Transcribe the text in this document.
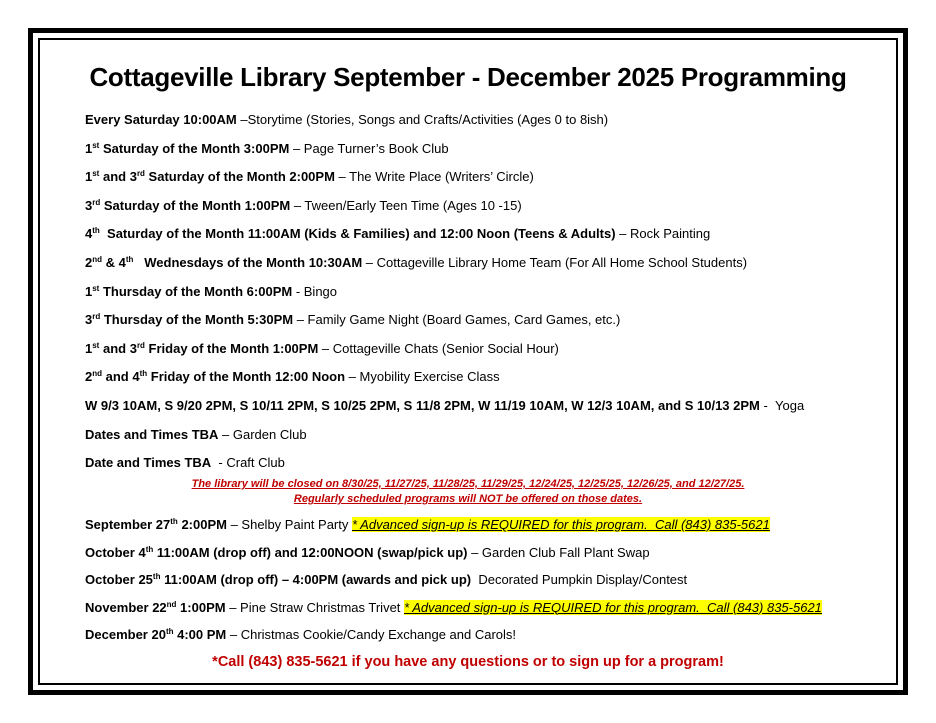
Cottageville Library September - December 2025 Programming
Every Saturday 10:00AM –Storytime (Stories, Songs and Crafts/Activities (Ages 0 to 8ish)
1st Saturday of the Month 3:00PM – Page Turner’s Book Club
1st and 3rd Saturday of the Month 2:00PM – The Write Place (Writers’ Circle)
3rd Saturday of the Month 1:00PM – Tween/Early Teen Time (Ages 10 -15)
4th  Saturday of the Month 11:00AM (Kids & Families) and 12:00 Noon (Teens & Adults) – Rock Painting
2nd & 4th   Wednesdays of the Month 10:30AM – Cottageville Library Home Team (For All Home School Students)
1st Thursday of the Month 6:00PM - Bingo
3rd Thursday of the Month 5:30PM – Family Game Night (Board Games, Card Games, etc.)
1st and 3rd Friday of the Month 1:00PM – Cottageville Chats (Senior Social Hour)
2nd and 4th Friday of the Month 12:00 Noon – Myobility Exercise Class
W 9/3 10AM, S 9/20 2PM, S 10/11 2PM, S 10/25 2PM, S 11/8 2PM, W 11/19 10AM, W 12/3 10AM, and S 10/13 2PM -  Yoga
Dates and Times TBA – Garden Club
Date and Times TBA  - Craft Club
The library will be closed on 8/30/25, 11/27/25, 11/28/25, 11/29/25, 12/24/25, 12/25/25, 12/26/25, and 12/27/25.
Regularly scheduled programs will NOT be offered on those dates.
September 27th 2:00PM – Shelby Paint Party * Advanced sign-up is REQUIRED for this program.  Call (843) 835-5621
October 4th 11:00AM (drop off) and 12:00NOON (swap/pick up) – Garden Club Fall Plant Swap
October 25th 11:00AM (drop off) – 4:00PM (awards and pick up)  Decorated Pumpkin Display/Contest
November 22nd 1:00PM – Pine Straw Christmas Trivet * Advanced sign-up is REQUIRED for this program.  Call (843) 835-5621
December 20th 4:00 PM – Christmas Cookie/Candy Exchange and Carols!
*Call (843) 835-5621 if you have any questions or to sign up for a program!
